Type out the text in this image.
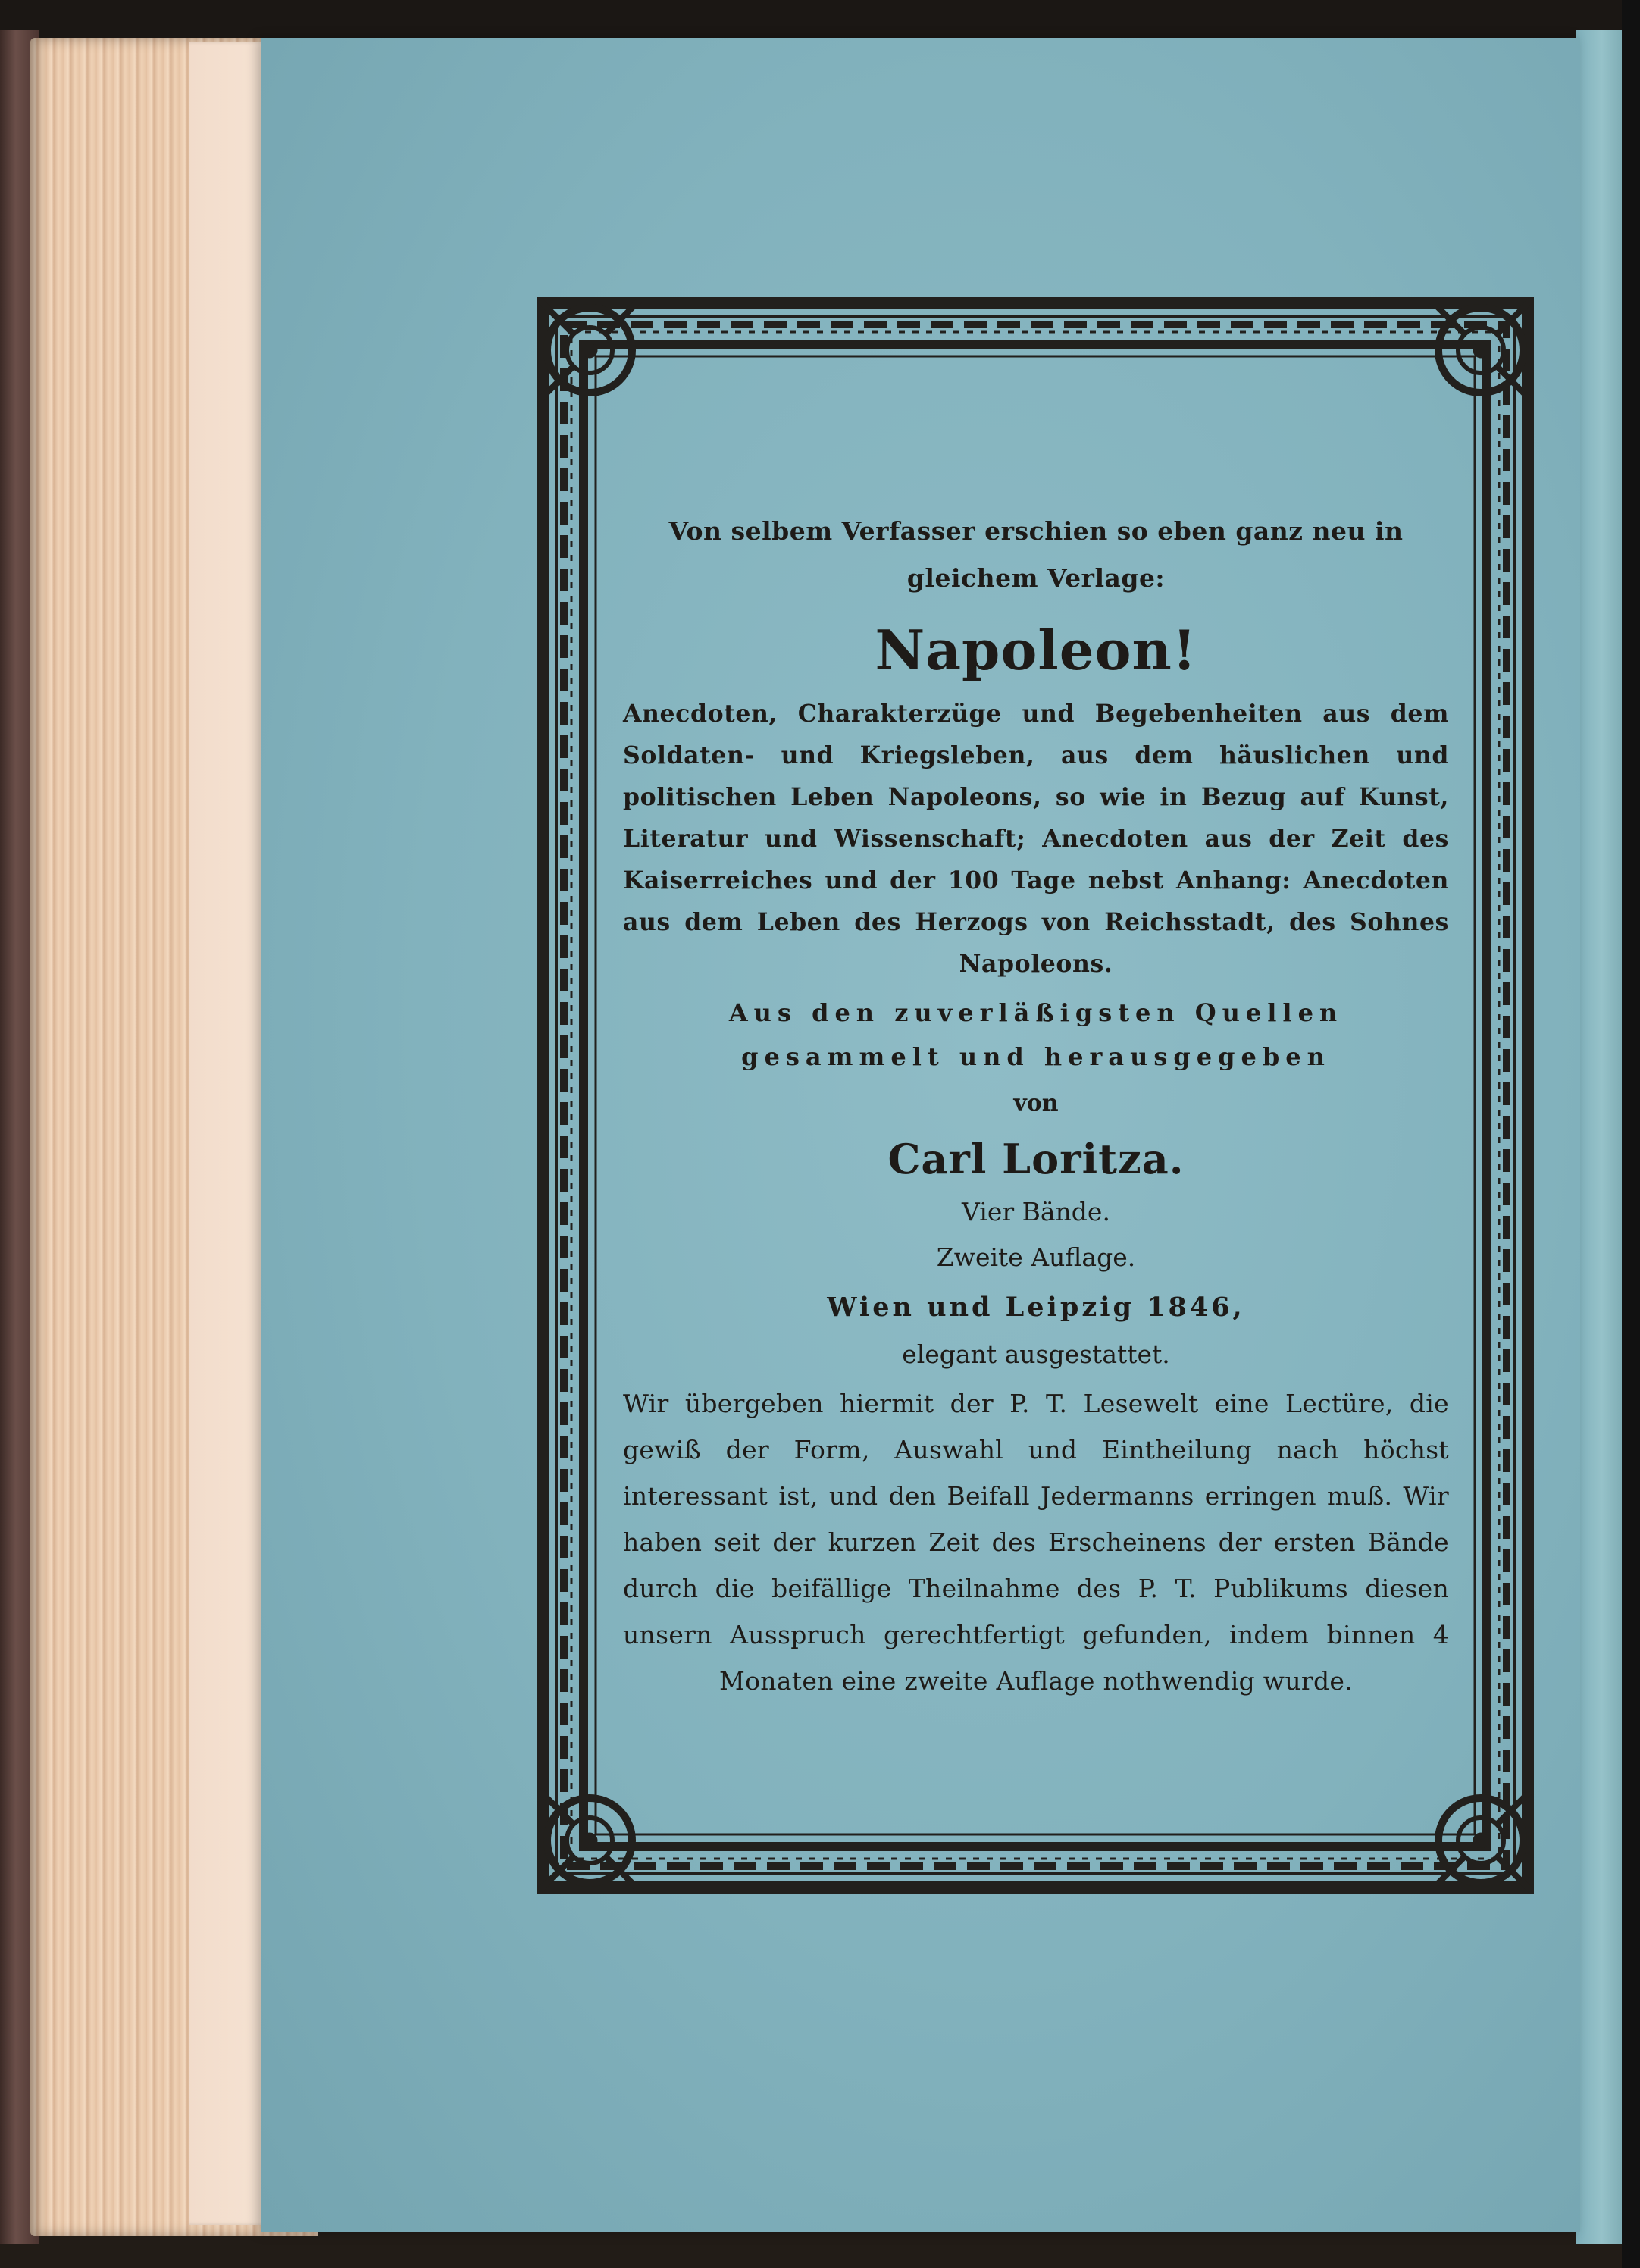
Von selbem Verfasser erschien so eben ganz neu in gleichem Verlage:

Napoleon!

Anecdoten, Charakterzüge und Begebenheiten aus dem Soldaten- und Kriegsleben, aus dem häuslichen und politischen Leben Napoleons, so wie in Bezug auf Kunst, Literatur und Wissenschaft; Anecdoten aus der Zeit des Kaiserreiches und der 100 Tage nebst Anhang: Anecdoten aus dem Leben des Herzogs von Reichsstadt, des Sohnes Napoleons.

Aus den zuverläßigsten Quellen gesammelt und herausgegeben

von

Carl Loritza.

Vier Bände.

Zweite Auflage.

Wien und Leipzig 1846,

elegant ausgestattet.

Wir übergeben hiermit der P. T. Lesewelt eine Lectüre, die gewiß der Form, Auswahl und Eintheilung nach höchst interessant ist, und den Beifall Jedermanns erringen muß. Wir haben seit der kurzen Zeit des Erscheinens der ersten Bände durch die beifällige Theilnahme des P. T. Publikums diesen unsern Ausspruch gerechtfertigt gefunden, indem binnen 4 Monaten eine zweite Auflage nothwendig wurde.
